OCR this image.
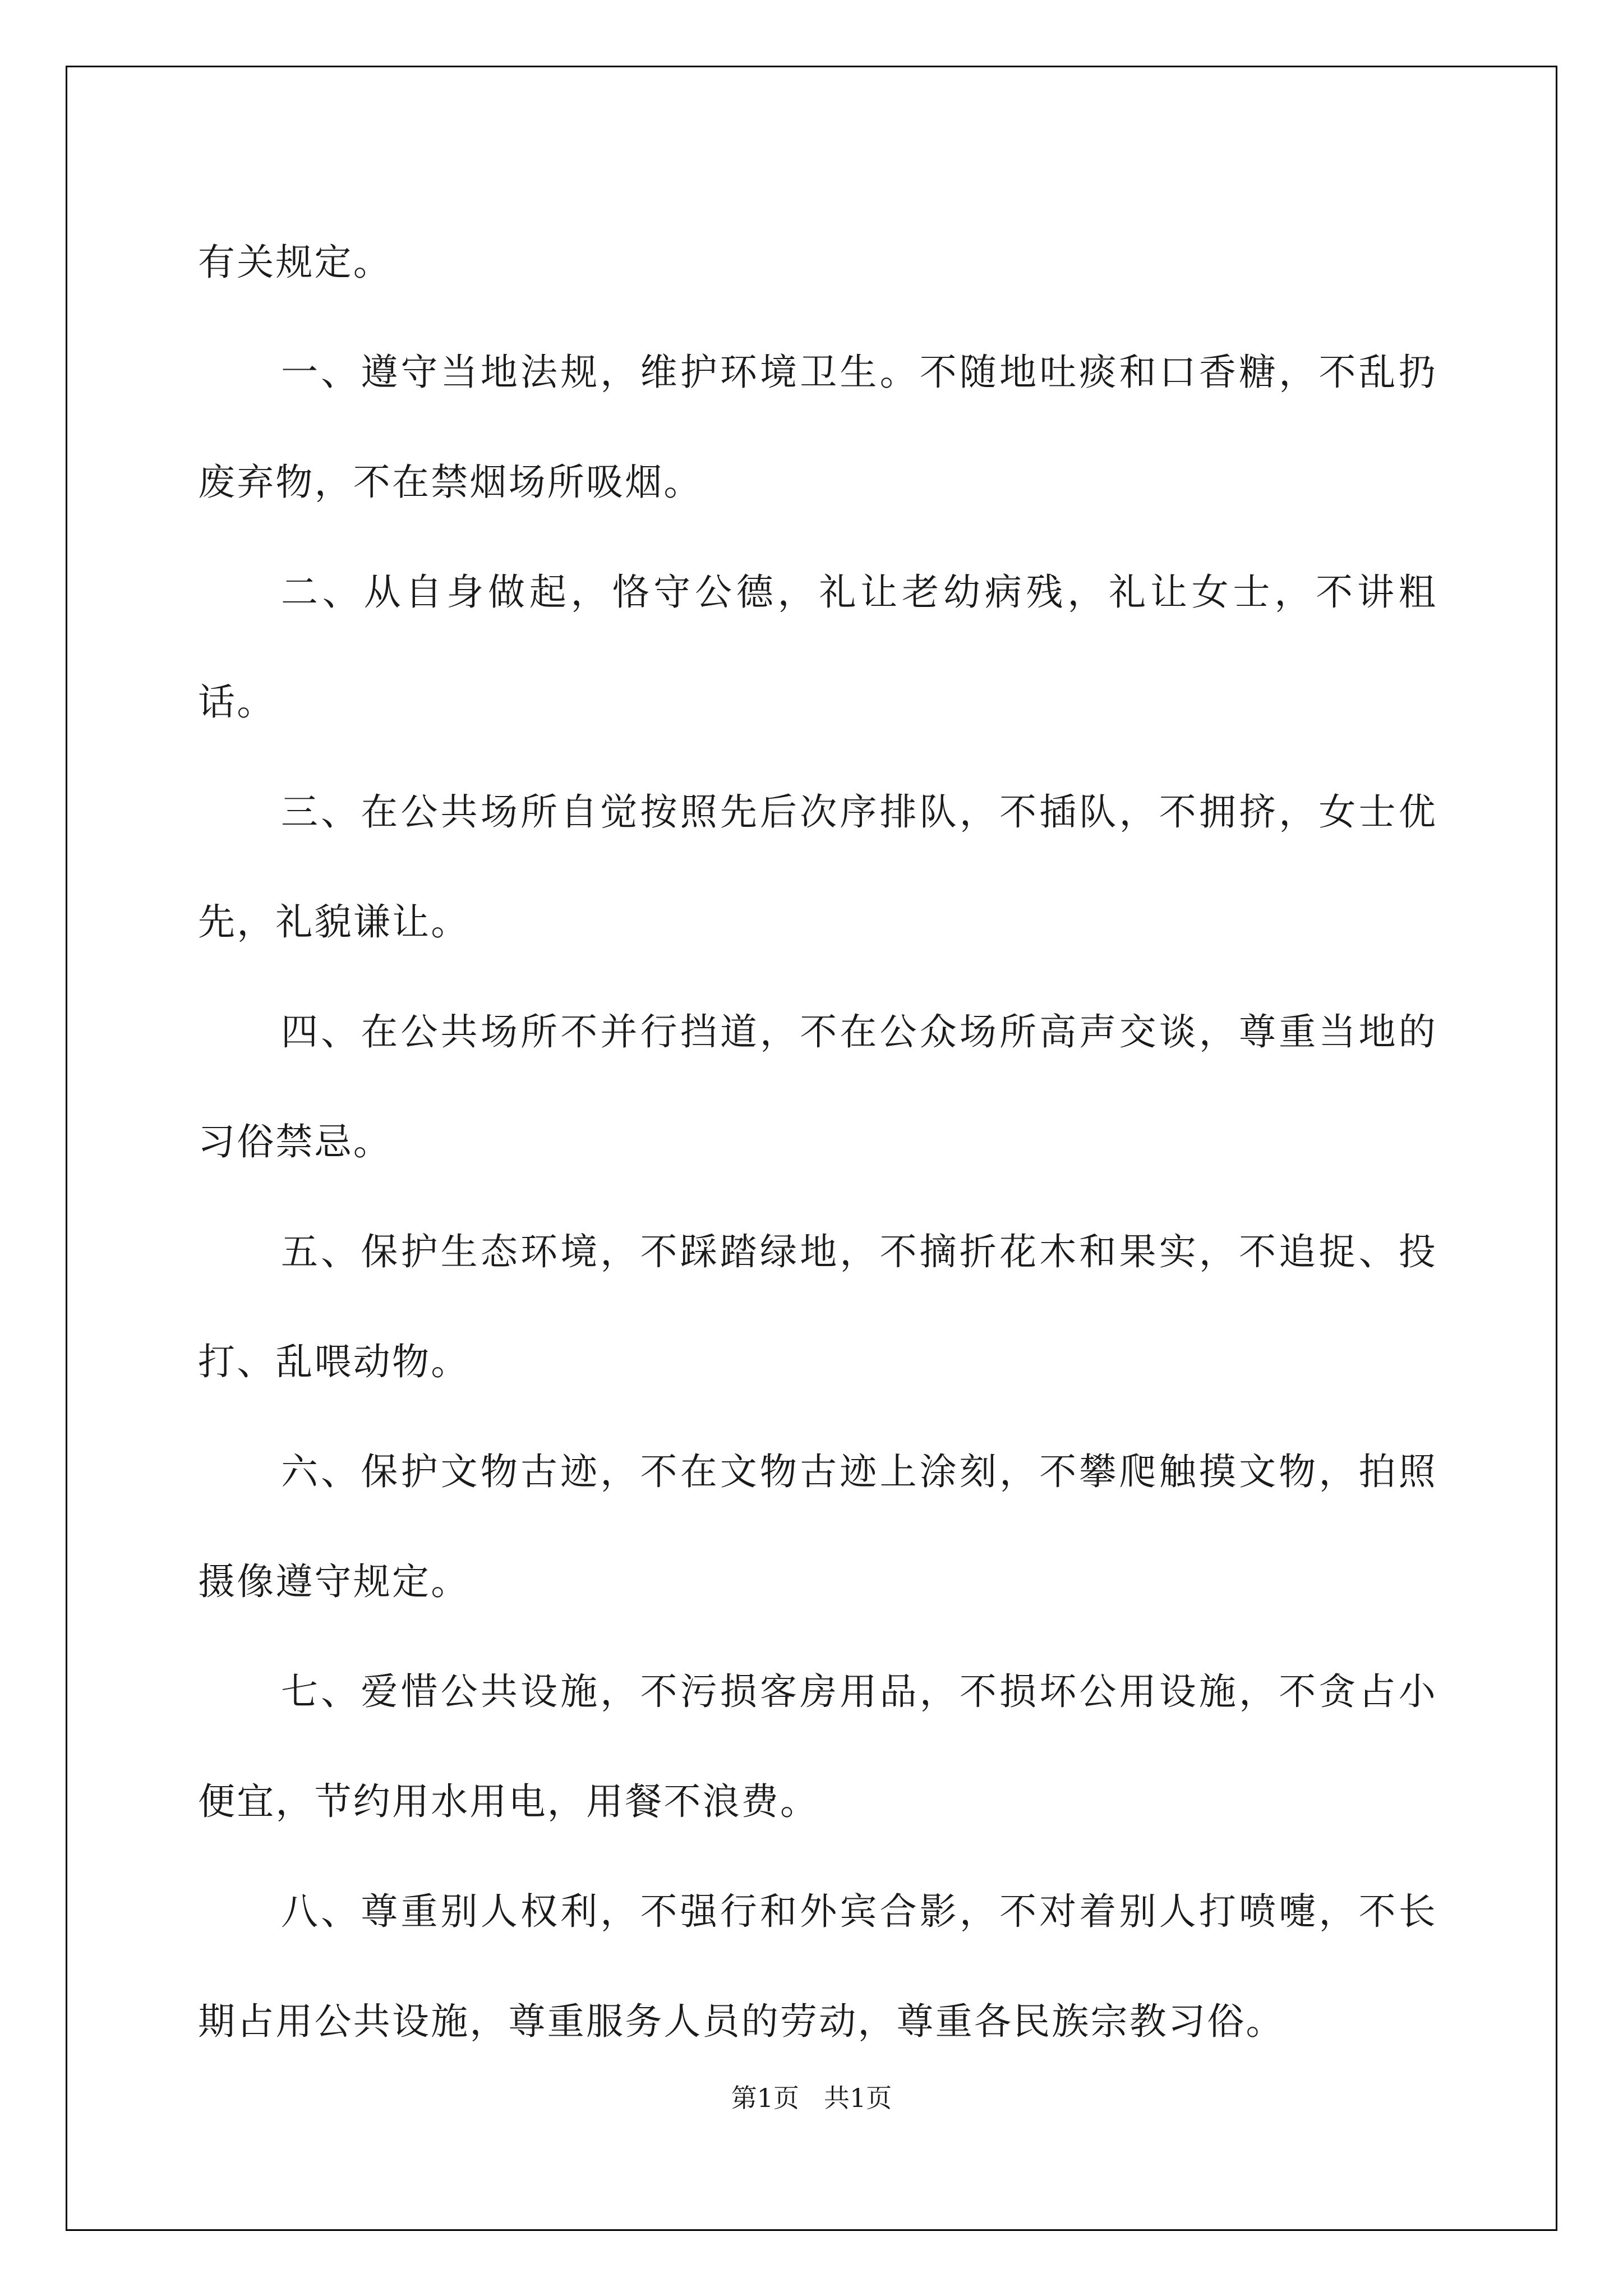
有关规定。

一、遵守当地法规，维护环境卫生。不随地吐痰和口香糖，不乱扔废弃物，不在禁烟场所吸烟。

二、从自身做起，恪守公德，礼让老幼病残，礼让女士，不讲粗话。

三、在公共场所自觉按照先后次序排队，不插队，不拥挤，女士优先，礼貌谦让。

四、在公共场所不并行挡道，不在公众场所高声交谈，尊重当地的习俗禁忌。

五、保护生态环境，不踩踏绿地，不摘折花木和果实，不追捉、投打、乱喂动物。

六、保护文物古迹，不在文物古迹上涂刻，不攀爬触摸文物，拍照摄像遵守规定。

七、爱惜公共设施，不污损客房用品，不损坏公用设施，不贪占小便宜，节约用水用电，用餐不浪费。

八、尊重别人权利，不强行和外宾合影，不对着别人打喷嚏，不长期占用公共设施，尊重服务人员的劳动，尊重各民族宗教习俗。

第1页 共1页
